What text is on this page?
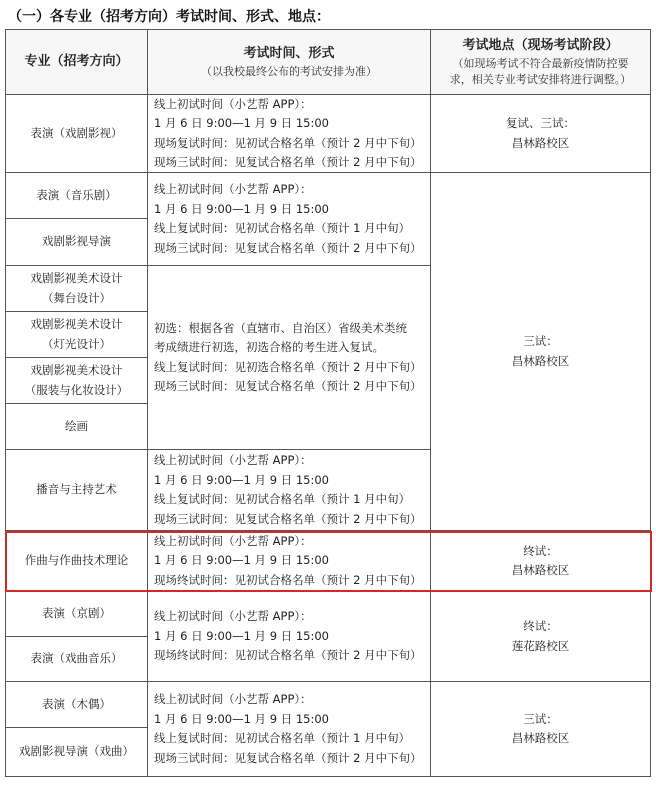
（一）各专业（招考方向）考试时间、形式、地点：
专业（招考方向）
考试时间、形式
（以我校最终公布的考试安排为准）
考试地点（现场考试阶段）
（如现场考试不符合最新疫情防控要
求，相关专业考试安排将进行调整。）
表演（戏剧影视）
表演（音乐剧）
戏剧影视导演
戏剧影视美术设计
（舞台设计）
戏剧影视美术设计
（灯光设计）
戏剧影视美术设计
（服装与化妆设计）
绘画
播音与主持艺术
作曲与作曲技术理论
表演（京剧）
表演（戏曲音乐）
表演（木偶）
戏剧影视导演（戏曲）
线上初试时间（小艺帮 APP）：
1 月 6 日 9:00—1 月 9 日 15:00
现场复试时间：见初试合格名单（预计 2 月中下旬）
现场三试时间：见复试合格名单（预计 2 月中下旬）
线上初试时间（小艺帮 APP）：
1 月 6 日 9:00—1 月 9 日 15:00
线上复试时间：见初试合格名单（预计 1 月中旬）
现场三试时间：见复试合格名单（预计 2 月中下旬）
初选：根据各省（直辖市、自治区）省级美术类统
考成绩进行初选，初选合格的考生进入复试。
线上复试时间：见初选合格名单（预计 2 月中下旬）
现场三试时间：见复试合格名单（预计 2 月中下旬）
线上初试时间（小艺帮 APP）：
1 月 6 日 9:00—1 月 9 日 15:00
线上复试时间：见初试合格名单（预计 1 月中旬）
现场三试时间：见复试合格名单（预计 2 月中下旬）
线上初试时间（小艺帮 APP）：
1 月 6 日 9:00—1 月 9 日 15:00
现场终试时间：见初试合格名单（预计 2 月中下旬）
线上初试时间（小艺帮 APP）：
1 月 6 日 9:00—1 月 9 日 15:00
现场终试时间：见初试合格名单（预计 2 月中下旬）
线上初试时间（小艺帮 APP）：
1 月 6 日 9:00—1 月 9 日 15:00
线上复试时间：见初试合格名单（预计 1 月中旬）
现场三试时间：见复试合格名单（预计 2 月中下旬）
复试、三试：
昌林路校区
三试：
昌林路校区
终试：
昌林路校区
终试：
莲花路校区
三试：
昌林路校区
